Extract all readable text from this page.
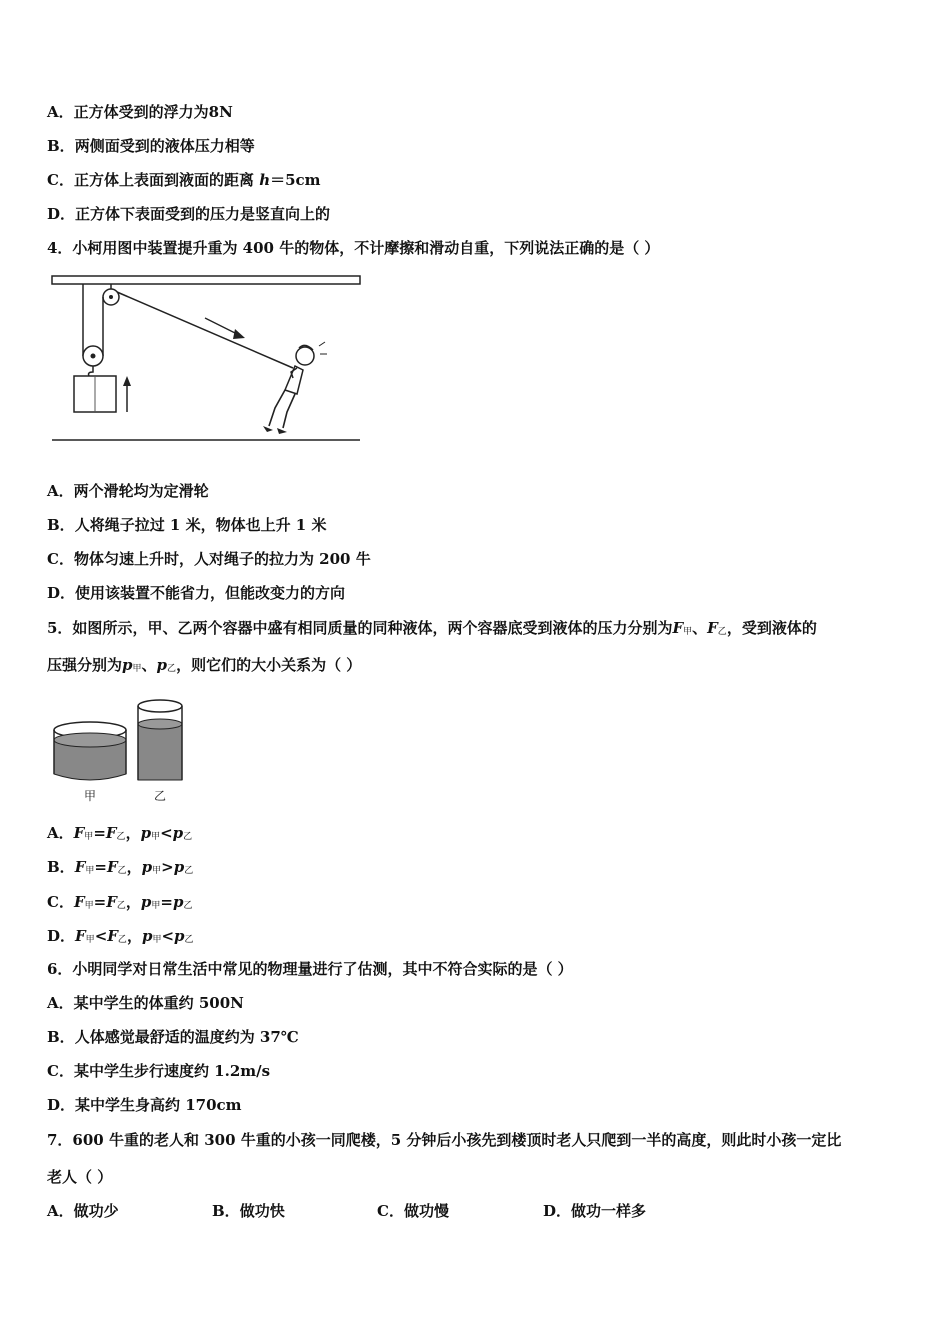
A．正方体受到的浮力为8N
B．两侧面受到的液体压力相等
C．正方体上表面到液面的距离 h＝5cm
D．正方体下表面受到的压力是竖直向上的
4．小柯用图中装置提升重为 400 牛的物体，不计摩擦和滑动自重，下列说法正确的是（ ）
A．两个滑轮均为定滑轮
B．人将绳子拉过 1 米，物体也上升 1 米
C．物体匀速上升时，人对绳子的拉力为 200 牛
D．使用该装置不能省力，但能改变力的方向
5．如图所示，甲、乙两个容器中盛有相同质量的同种液体，两个容器底受到液体的压力分别为$F_甲$、$F_乙$，受到液体的
压强分别为$p_甲$、$p_乙$，则它们的大小关系为（ ）
甲	乙
A．$F_甲=F_乙$，$p_甲<p_乙$
B．$F_甲=F_乙$，$p_甲>p_乙$
C．$F_甲=F_乙$，$p_甲=p_乙$
D．$F_甲<F_乙$，$p_甲<p_乙$
6．小明同学对日常生活中常见的物理量进行了估测，其中不符合实际的是（ ）
A．某中学生的体重约 500N
B．人体感觉最舒适的温度约为 37℃
C．某中学生步行速度约 1.2m/s
D．某中学生身高约 170cm
7．600 牛重的老人和 300 牛重的小孩一同爬楼，5 分钟后小孩先到楼顶时老人只爬到一半的高度，则此时小孩一定比
老人（ ）
A．做功少	B．做功快	C．做功慢	D．做功一样多
